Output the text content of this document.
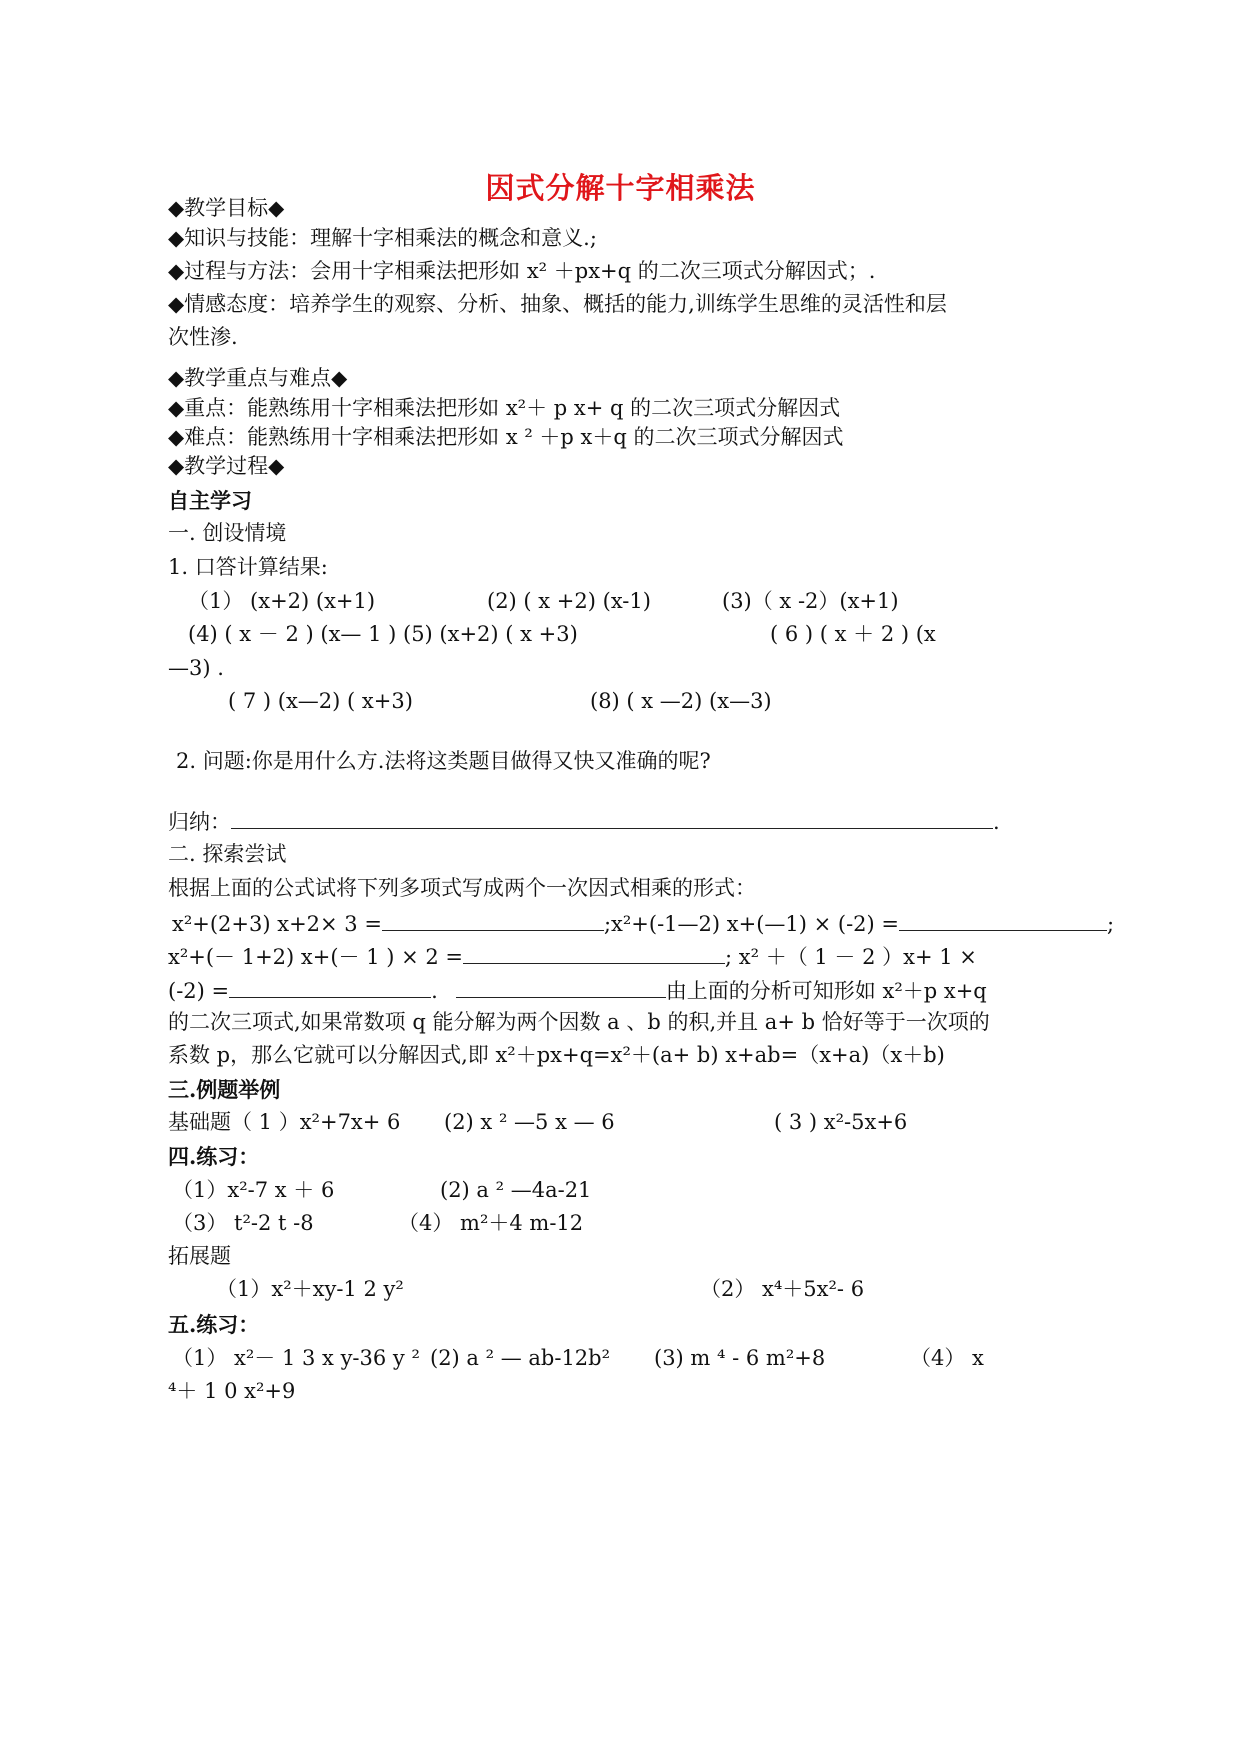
因式分解十字相乘法
◆教学目标◆
◆知识与技能：理解十字相乘法的概念和意义.;
◆过程与方法：会用十字相乘法把形如 x² ＋px+q 的二次三项式分解因式；.
◆情感态度：培养学生的观察、分析、抽象、概括的能力,训练学生思维的灵活性和层
次性渗.
◆教学重点与难点◆
◆重点：能熟练用十字相乘法把形如 x²＋ p x+ q 的二次三项式分解因式
◆难点：能熟练用十字相乘法把形如 x ² ＋p x＋q 的二次三项式分解因式
◆教学过程◆
自主学习
一. 创设情境
1. 口答计算结果:
（1） (x+2) (x+1)	(2) ( x +2) (x-1)	(3)（ x -2）(x+1)
(4) ( x － 2 ) (x— 1 ) (5) (x+2) ( x +3)	( 6 ) ( x ＋ 2 ) (x
—3) .
( 7 ) (x—2) ( x+3)	(8) ( x —2) (x—3)
2. 问题:你是用什么方.法将这类题目做得又快又准确的呢?
归纳：	.
二. 探索尝试
根据上面的公式试将下列多项式写成两个一次因式相乘的形式：
x²+(2+3) x+2× 3 =	;x²+(-1—2) x+(—1) × (-2) =	;
x²+(－ 1+2) x+(－ 1 ) × 2 =	; x² ＋（ 1 － 2 ）x+ 1 ×
(-2) =	.	由上面的分析可知形如 x²＋p x+q
的二次三项式,如果常数项 q 能分解为两个因数 a 、b 的积,并且 a+ b 恰好等于一次项的
系数 p，那么它就可以分解因式,即 x²＋px+q=x²＋(a+ b) x+ab=（x+a)（x＋b)
三.例题举例
基础题（ 1 ）x²+7x+ 6 (2) x ² —5 x — 6	( 3 ) x²-5x+6
四.练习：
（1）x²-7 x ＋ 6	(2) a ² —4a-21
（3） t²-2 t -8	（4） m²＋4 m-12
拓展题
（1）x²＋xy-1 2 y²	（2） x⁴＋5x²- 6
五.练习：
（1） x²－ 1 3 x y-36 y ² (2) a ² — ab-12b² (3) m ⁴ - 6 m²+8	（4） x
⁴＋ 1 0 x²+9
